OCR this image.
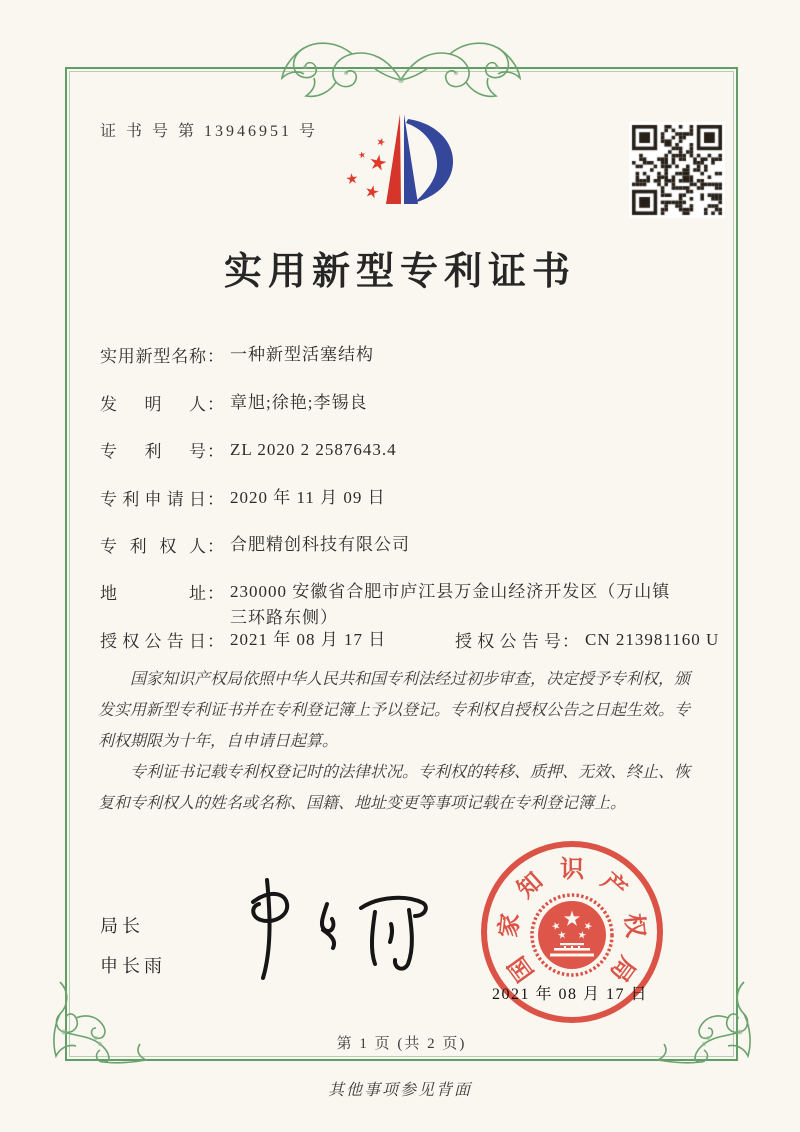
证 书 号 第 13946951 号
实用新型专利证书
实用新型名称 ： 一种新型活塞结构
发明人 ： 章旭;徐艳;李锡良
专利号 ： ZL 2020 2 2587643.4
专利申请日 ： 2020 年 11 月 09 日
专利权人 ： 合肥精创科技有限公司
地址 ： 230000 安徽省合肥市庐江县万金山经济开发区（万山镇三环路东侧）
授权公告日 ： 2021 年 08 月 17 日	授权公告号 ： CN 213981160 U

国家知识产权局依照中华人民共和国专利法经过初步审查，决定授予专利权，颁发实用新型专利证书并在专利登记簿上予以登记。专利权自授权公告之日起生效。专利权期限为十年，自申请日起算。

专利证书记载专利权登记时的法律状况。专利权的转移、质押、无效、终止、恢复和专利权人的姓名或名称、国籍、地址变更等事项记载在专利登记簿上。

局长
申长雨	国
家
知 识 产
权
局
2021 年 08 月 17 日
第 1 页 (共 2 页)
其他事项参见背面
